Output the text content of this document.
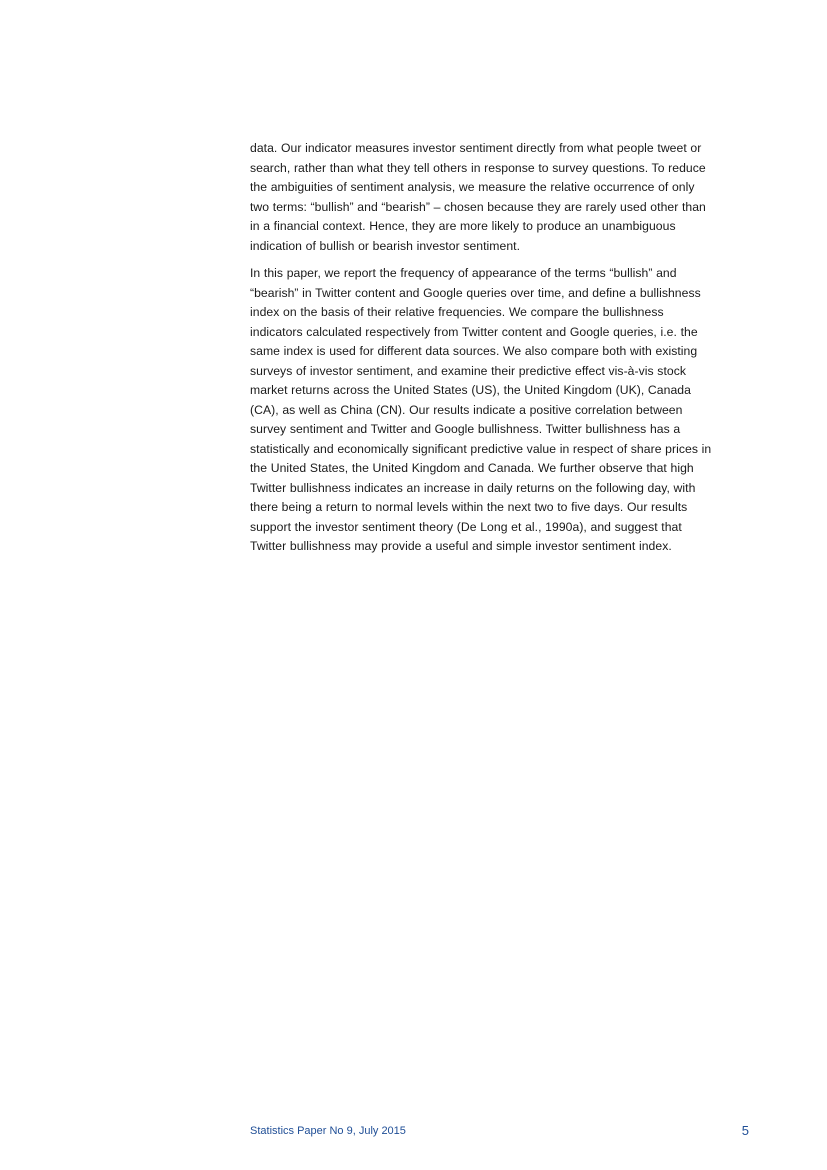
data. Our indicator measures investor sentiment directly from what people tweet or
search, rather than what they tell others in response to survey questions. To reduce
the ambiguities of sentiment analysis, we measure the relative occurrence of only
two terms: “bullish” and “bearish” – chosen because they are rarely used other than
in a financial context. Hence, they are more likely to produce an unambiguous
indication of bullish or bearish investor sentiment.

In this paper, we report the frequency of appearance of the terms “bullish” and
“bearish” in Twitter content and Google queries over time, and define a bullishness
index on the basis of their relative frequencies. We compare the bullishness
indicators calculated respectively from Twitter content and Google queries, i.e. the
same index is used for different data sources. We also compare both with existing
surveys of investor sentiment, and examine their predictive effect vis-à-vis stock
market returns across the United States (US), the United Kingdom (UK), Canada
(CA), as well as China (CN). Our results indicate a positive correlation between
survey sentiment and Twitter and Google bullishness. Twitter bullishness has a
statistically and economically significant predictive value in respect of share prices in
the United States, the United Kingdom and Canada. We further observe that high
Twitter bullishness indicates an increase in daily returns on the following day, with
there being a return to normal levels within the next two to five days. Our results
support the investor sentiment theory (De Long et al., 1990a), and suggest that
Twitter bullishness may provide a useful and simple investor sentiment index.

Statistics Paper No 9, July 2015	5
